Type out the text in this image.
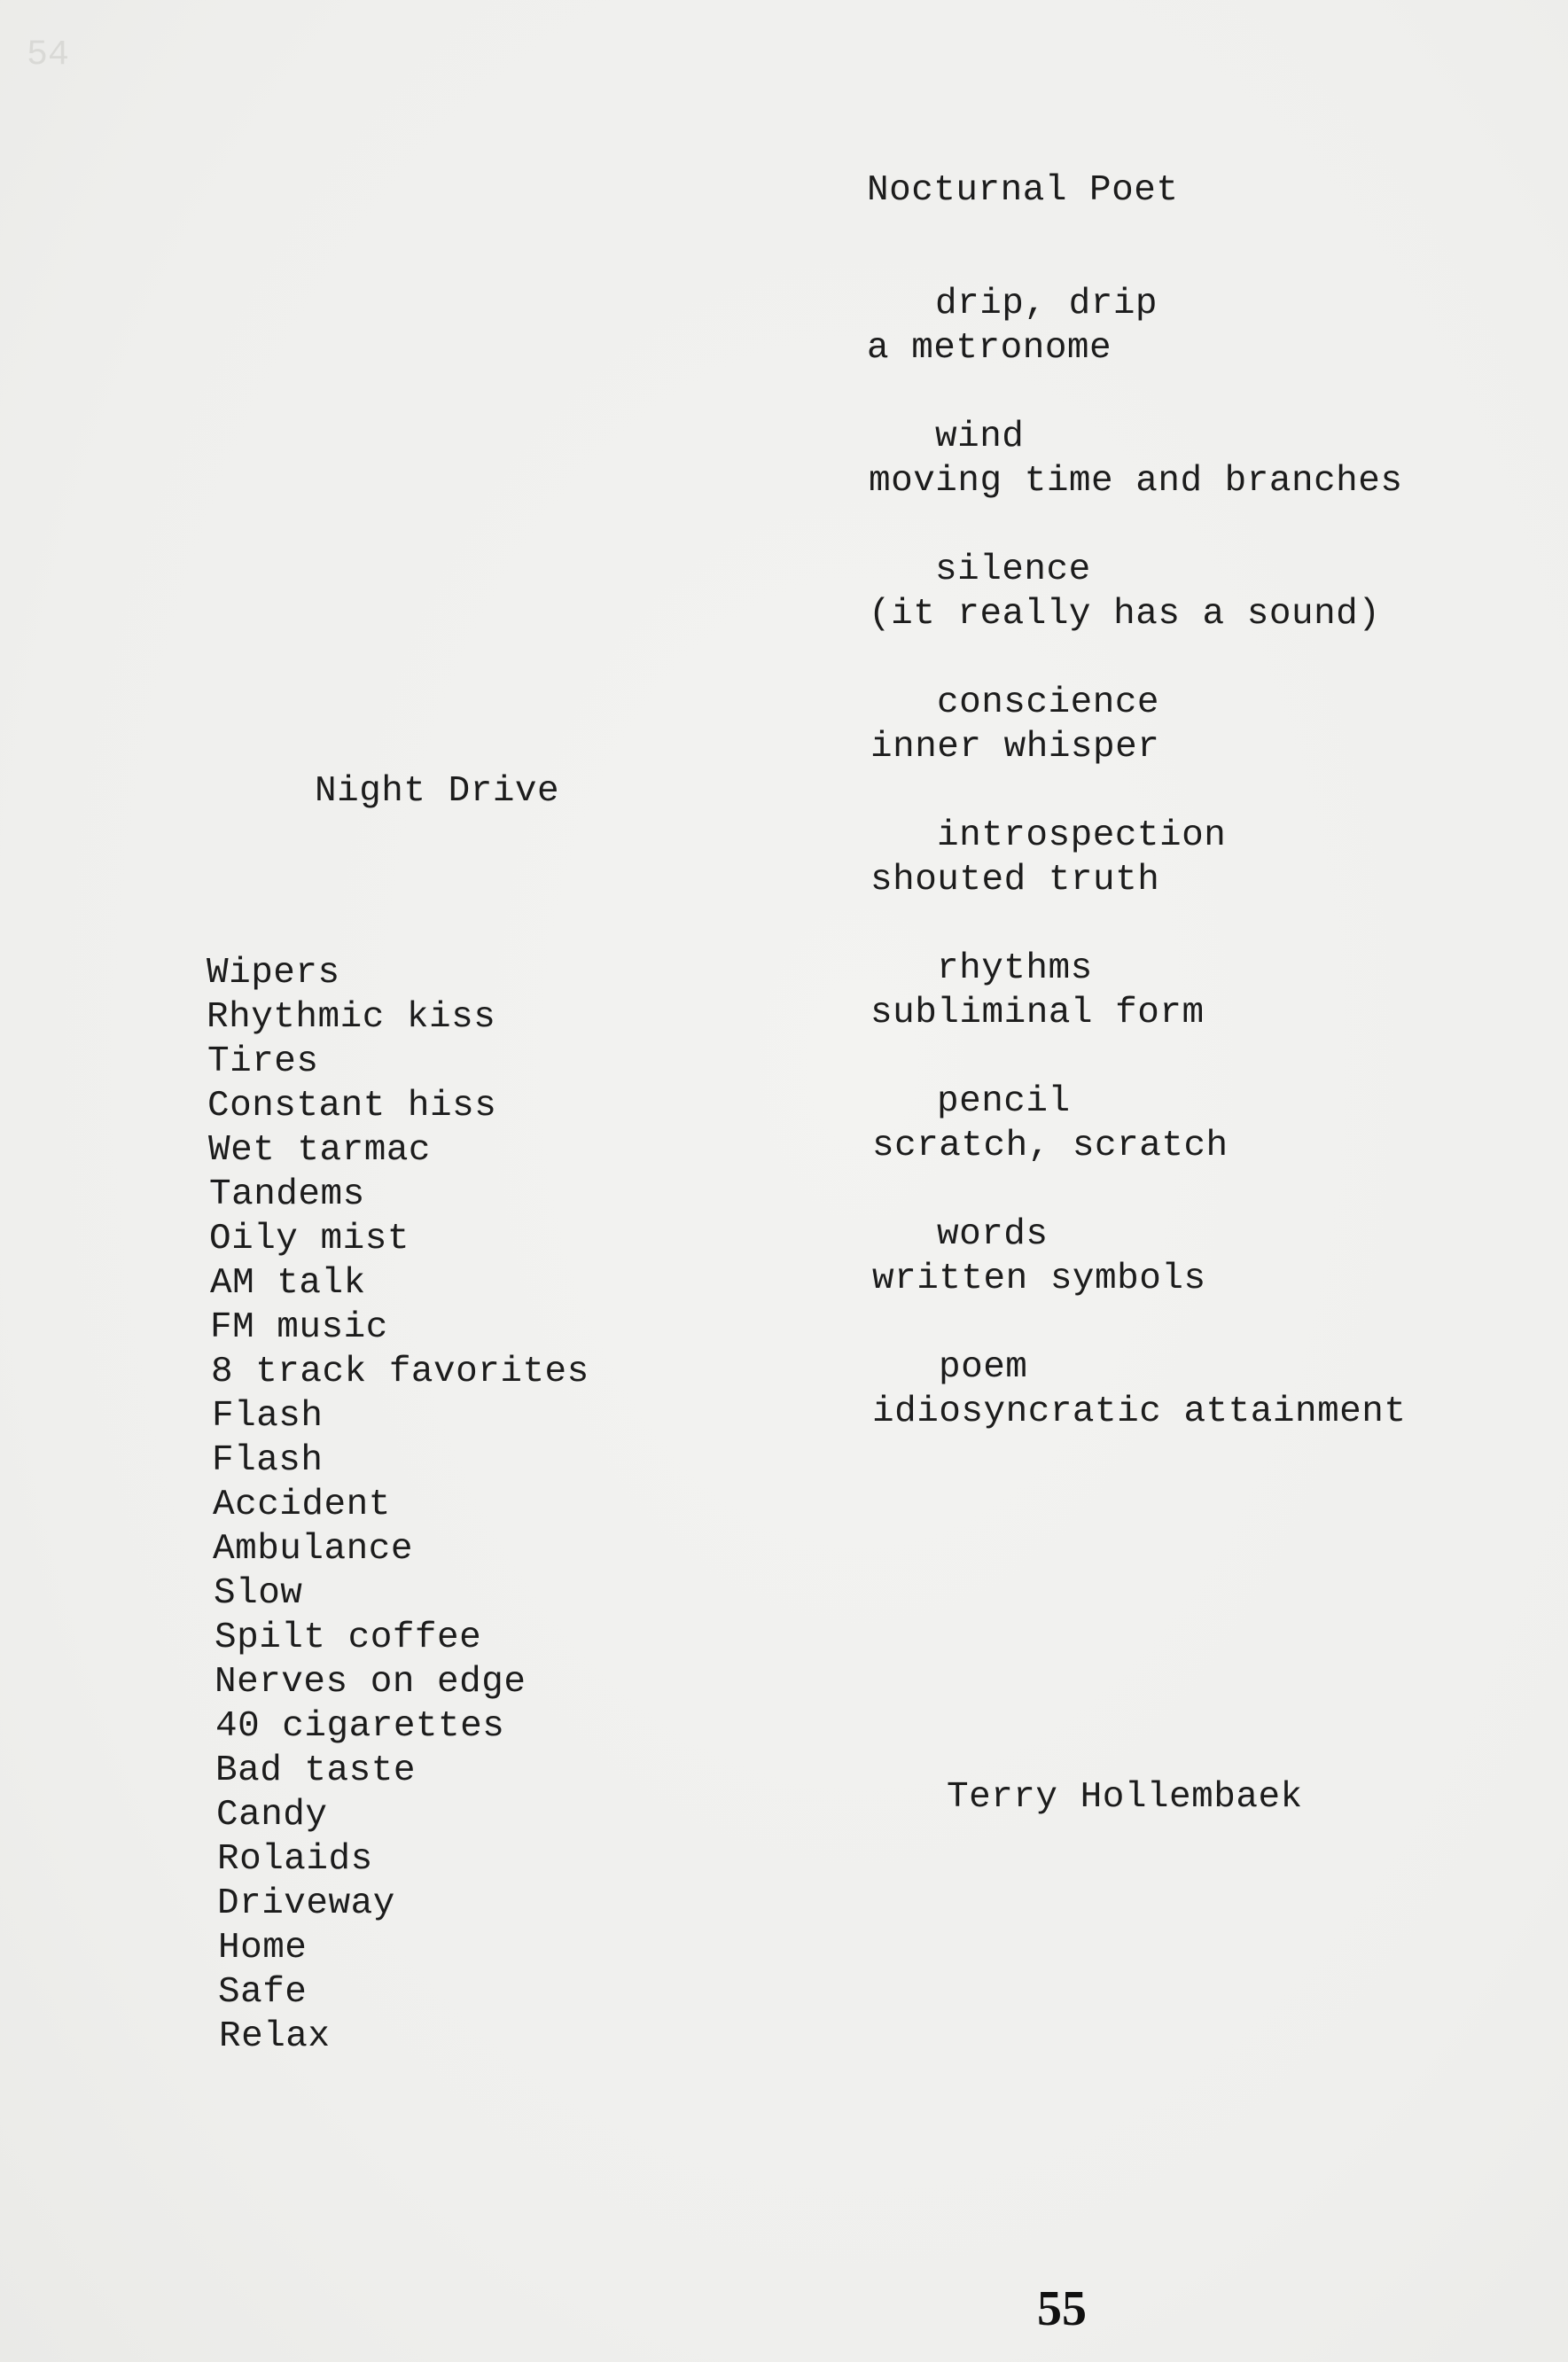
54
Nocturnal Poet
drip, drip
a metronome
wind
moving time and branches
silence
(it really has a sound)
conscience
inner whisper
introspection
shouted truth
rhythms
subliminal form
pencil
scratch, scratch
words
written symbols
poem
idiosyncratic attainment
Terry Hollembaek
Night Drive
Wipers
Rhythmic kiss
Tires
Constant hiss
Wet tarmac
Tandems
Oily mist
AM talk
FM music
8 track favorites
Flash
Flash
Accident
Ambulance
Slow
Spilt coffee
Nerves on edge
40 cigarettes
Bad taste
Candy
Rolaids
Driveway
Home
Safe
Relax
55
